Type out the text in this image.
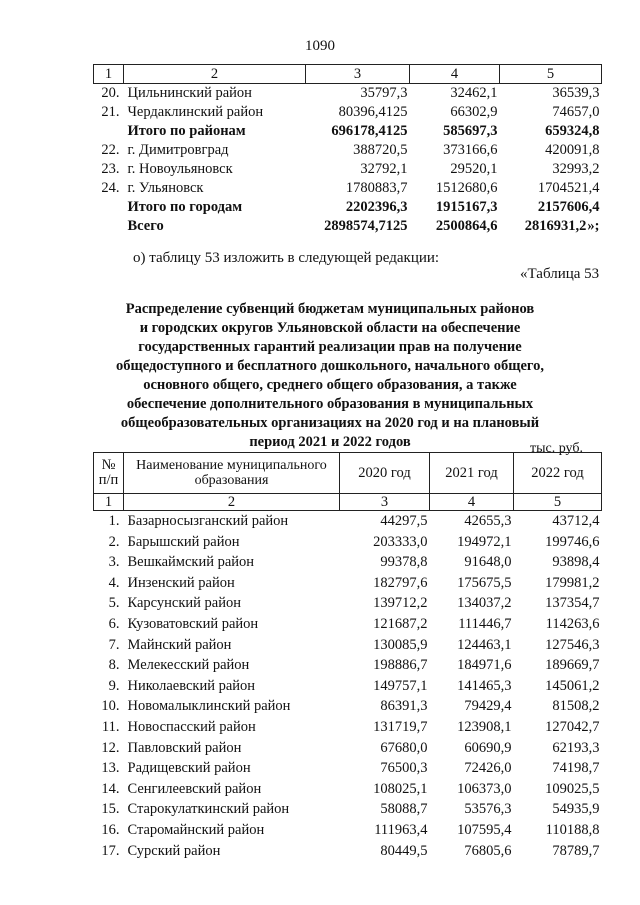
1090
1	2	3	4	5
20.	Цильнинский район	35797,3	32462,1	36539,3
21.	Чердаклинский район	80396,4125	66302,9	74657,0
	Итого по районам	696178,4125	585697,3	659324,8
22.	г. Димитровград	388720,5	373166,6	420091,8
23.	г. Новоульяновск	32792,1	29520,1	32993,2
24.	г. Ульяновск	1780883,7	1512680,6	1704521,4
	Итого по городам	2202396,3	1915167,3	2157606,4
	Всего	2898574,7125	2500864,6	2816931,2»;
о) таблицу 53 изложить в следующей редакции:
«Таблица 53
Распределение субвенций бюджетам муниципальных районов
и городских округов Ульяновской области на обеспечение
государственных гарантий реализации прав на получение
общедоступного и бесплатного дошкольного, начального общего,
основного общего, среднего общего образования, а также
обеспечение дополнительного образования в муниципальных
общеобразовательных организациях на 2020 год и на плановый
период 2021 и 2022 годов	тыс. руб.
№ п/п	Наименование муниципального образования	2020 год	2021 год	2022 год
1	2	3	4	5
1.	Базарносызганский район	44297,5	42655,3	43712,4
2.	Барышский район	203333,0	194972,1	199746,6
3.	Вешкаймский район	99378,8	91648,0	93898,4
4.	Инзенский район	182797,6	175675,5	179981,2
5.	Карсунский район	139712,2	134037,2	137354,7
6.	Кузоватовский район	121687,2	111446,7	114263,6
7.	Майнский район	130085,9	124463,1	127546,3
8.	Мелекесский район	198886,7	184971,6	189669,7
9.	Николаевский район	149757,1	141465,3	145061,2
10.	Новомалыклинский район	86391,3	79429,4	81508,2
11.	Новоспасский район	131719,7	123908,1	127042,7
12.	Павловский район	67680,0	60690,9	62193,3
13.	Радищевский район	76500,3	72426,0	74198,7
14.	Сенгилеевский район	108025,1	106373,0	109025,5
15.	Старокулаткинский район	58088,7	53576,3	54935,9
16.	Старомайнский район	111963,4	107595,4	110188,8
17.	Сурский район	80449,5	76805,6	78789,7
